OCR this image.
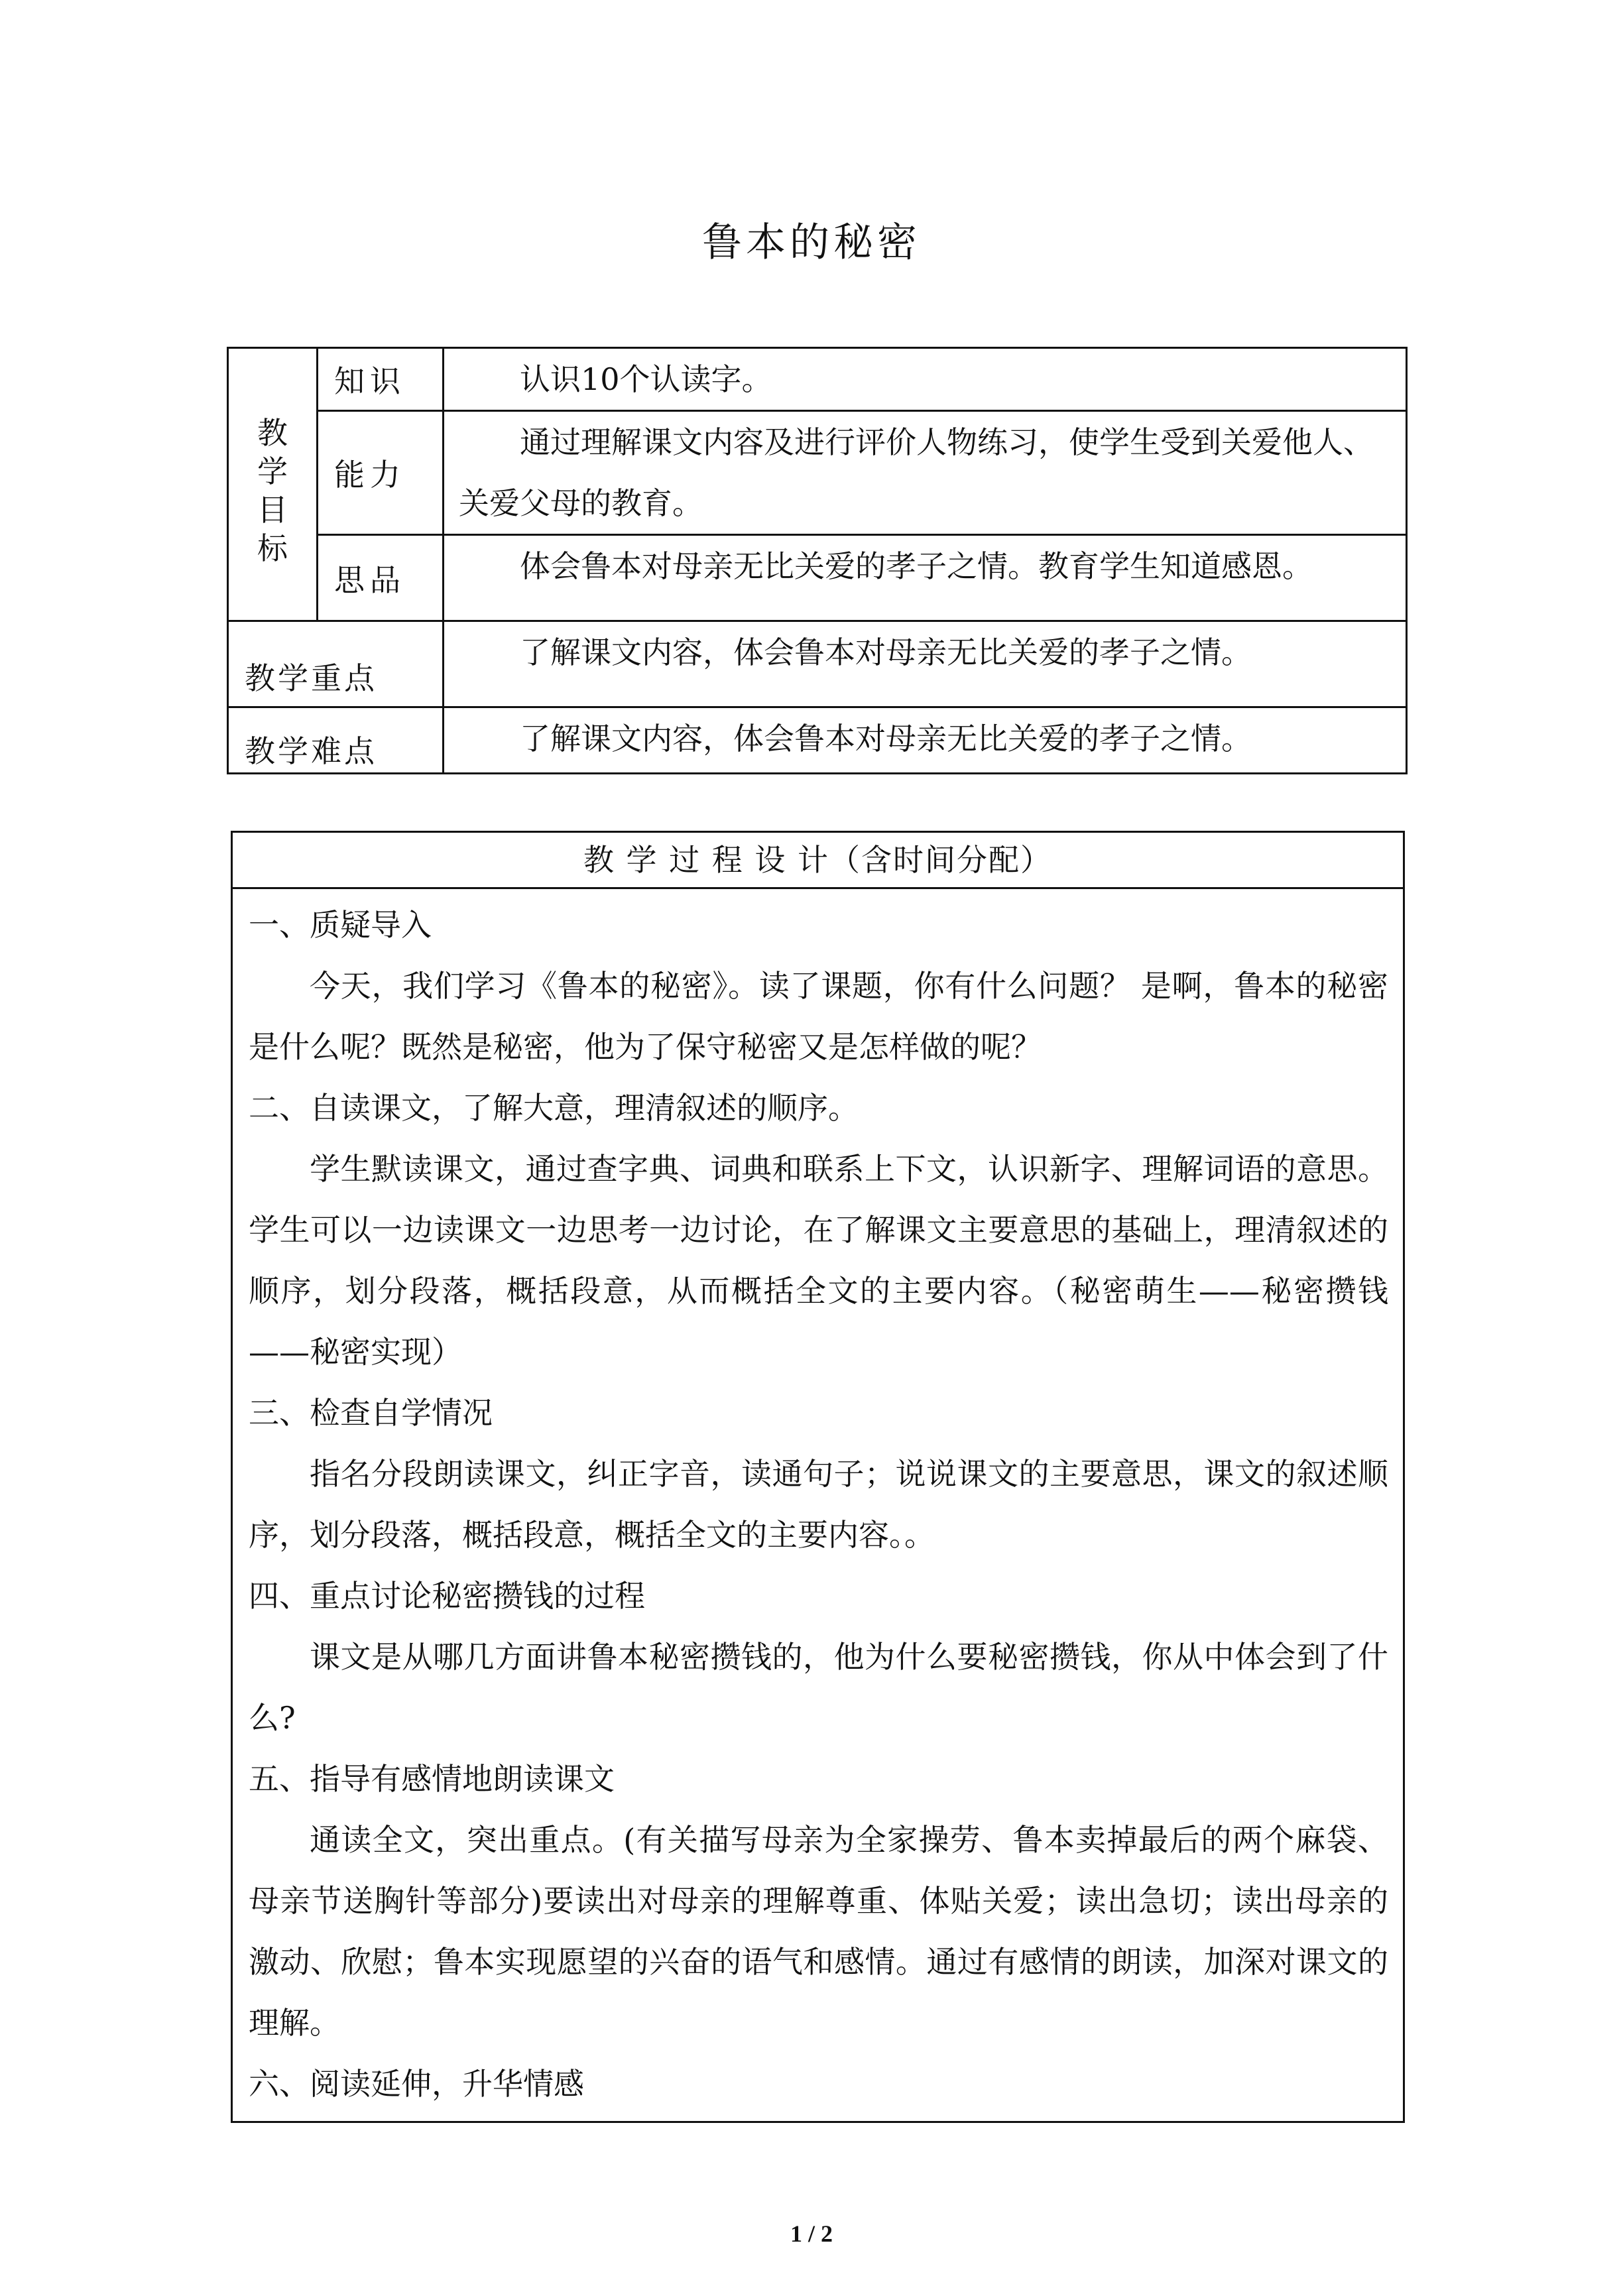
鲁本的秘密
教
学
目
标	知识	认识10个认读字。
	能力	通过理解课文内容及进行评价人物练习，使学生受到关爱他人、关爱父母的教育。
	思品	体会鲁本对母亲无比关爱的孝子之情。教育学生知道感恩。
教学重点		了解课文内容，体会鲁本对母亲无比关爱的孝子之情。
教学难点		了解课文内容，体会鲁本对母亲无比关爱的孝子之情。
教 学 过 程 设 计（含时间分配）

一、质疑导入

今天，我们学习《鲁本的秘密》。读了课题，你有什么问题？ 是啊，鲁本的秘密是什么呢？既然是秘密，他为了保守秘密又是怎样做的呢？

二、自读课文，了解大意，理清叙述的顺序。

学生默读课文，通过查字典、词典和联系上下文，认识新字、理解词语的意思。学生可以一边读课文一边思考一边讨论，在了解课文主要意思的基础上，理清叙述的顺序，划分段落，概括段意，从而概括全文的主要内容。（秘密萌生——秘密攒钱——秘密实现）

三、检查自学情况

指名分段朗读课文，纠正字音，读通句子；说说课文的主要意思，课文的叙述顺序，划分段落，概括段意，概括全文的主要内容。。

四、重点讨论秘密攒钱的过程

课文是从哪几方面讲鲁本秘密攒钱的，他为什么要秘密攒钱，你从中体会到了什么?

五、指导有感情地朗读课文

通读全文，突出重点。(有关描写母亲为全家操劳、鲁本卖掉最后的两个麻袋、母亲节送胸针等部分)要读出对母亲的理解尊重、体贴关爱；读出急切；读出母亲的激动、欣慰；鲁本实现愿望的兴奋的语气和感情。通过有感情的朗读，加深对课文的理解。

六、阅读延伸，升华情感

1 / 2
